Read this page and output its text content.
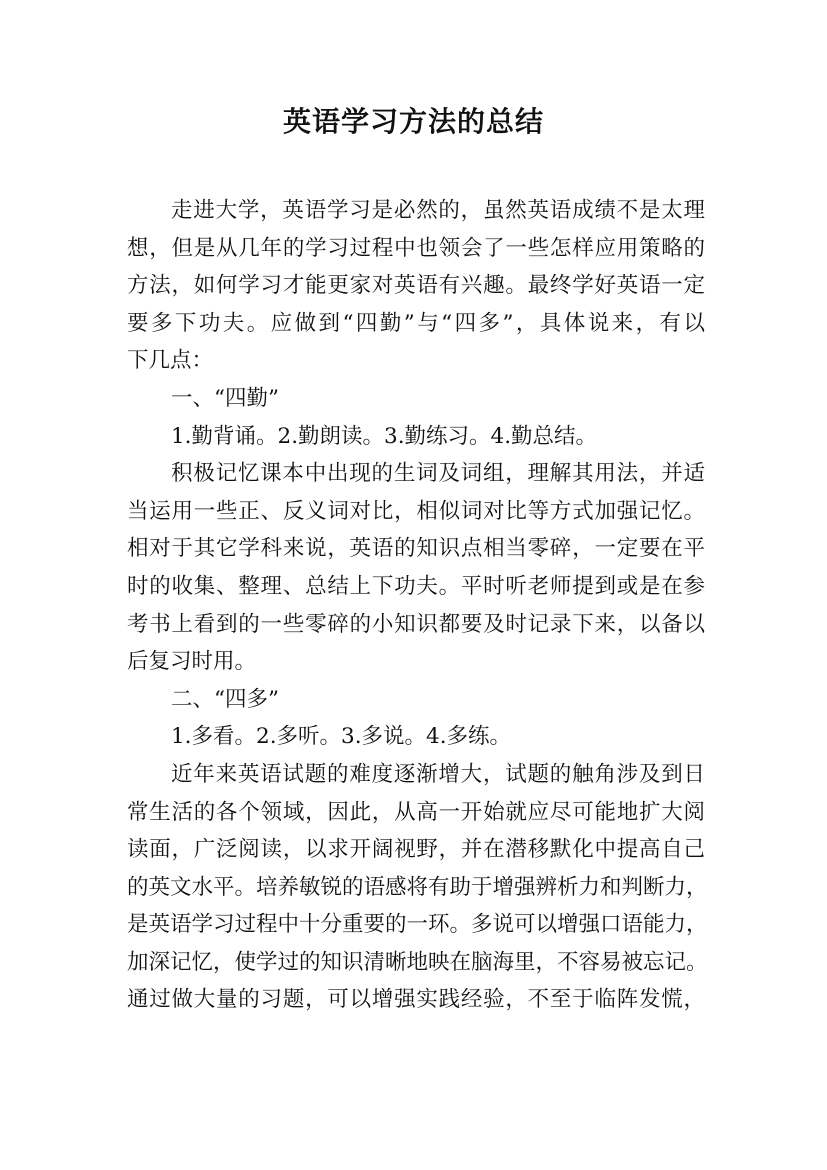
英语学习方法的总结
走进大学，英语学习是必然的，虽然英语成绩不是太理
想，但是从几年的学习过程中也领会了一些怎样应用策略的
方法，如何学习才能更家对英语有兴趣。最终学好英语一定
要多下功夫。应做到“四勤”与“四多”，具体说来，有以
下几点：
一、“四勤”
1.勤背诵。2.勤朗读。3.勤练习。4.勤总结。
积极记忆课本中出现的生词及词组，理解其用法，并适
当运用一些正、反义词对比，相似词对比等方式加强记忆。
相对于其它学科来说，英语的知识点相当零碎，一定要在平
时的收集、整理、总结上下功夫。平时听老师提到或是在参
考书上看到的一些零碎的小知识都要及时记录下来，以备以
后复习时用。
二、“四多”
1.多看。2.多听。3.多说。4.多练。
近年来英语试题的难度逐渐增大，试题的触角涉及到日
常生活的各个领域，因此，从高一开始就应尽可能地扩大阅
读面，广泛阅读，以求开阔视野，并在潜移默化中提高自己
的英文水平。培养敏锐的语感将有助于增强辨析力和判断力，
是英语学习过程中十分重要的一环。多说可以增强口语能力，
加深记忆，使学过的知识清晰地映在脑海里，不容易被忘记。
通过做大量的习题，可以增强实践经验，不至于临阵发慌，
